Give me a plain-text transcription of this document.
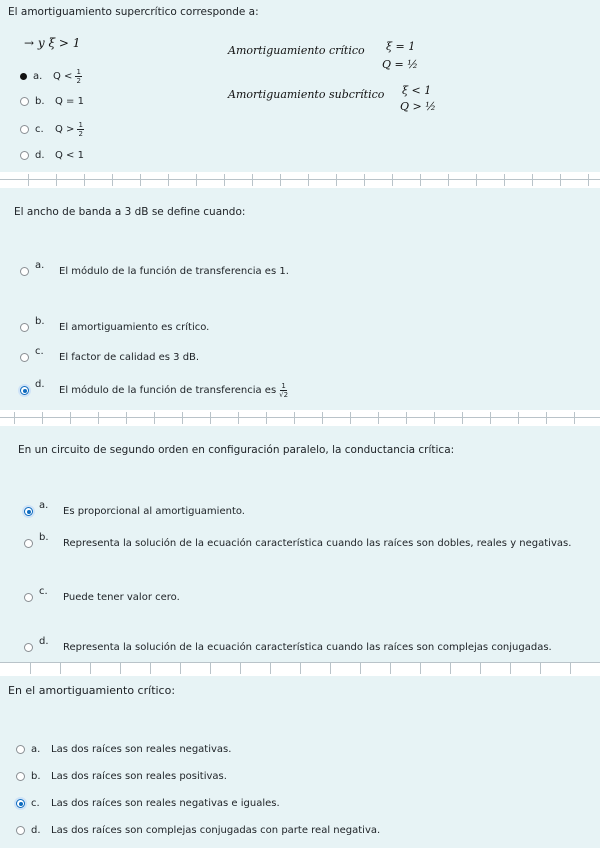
El amortiguamiento supercrítico corresponde a:
→ y ξ > 1
Amortiguamiento crítico ξ = 1
Q = ½
Amortiguamiento subcrítico ξ < 1
Q > ½
a.	$Q < \frac{1}{2}$
b.	Q = 1
c.	$Q > \frac{1}{2}$
d.	Q < 1
El ancho de banda a 3 dB se define cuando:
a.
El módulo de la función de transferencia es 1.
b.
El amortiguamiento es crítico.
c.
El factor de calidad es 3 dB.
d.
El módulo de la función de transferencia es $\frac{1}{√2}$
En un circuito de segundo orden en configuración paralelo, la conductancia crítica:
a.
Es proporcional al amortiguamiento.
b.
Representa la solución de la ecuación característica cuando las raíces son dobles, reales y negativas.
c.
Puede tener valor cero.
d.
Representa la solución de la ecuación característica cuando las raíces son complejas conjugadas.
En el amortiguamiento crítico:
a.	Las dos raíces son reales negativas.
b.	Las dos raíces son reales positivas.
c.	Las dos raíces son reales negativas e iguales.
d.	Las dos raíces son complejas conjugadas con parte real negativa.
